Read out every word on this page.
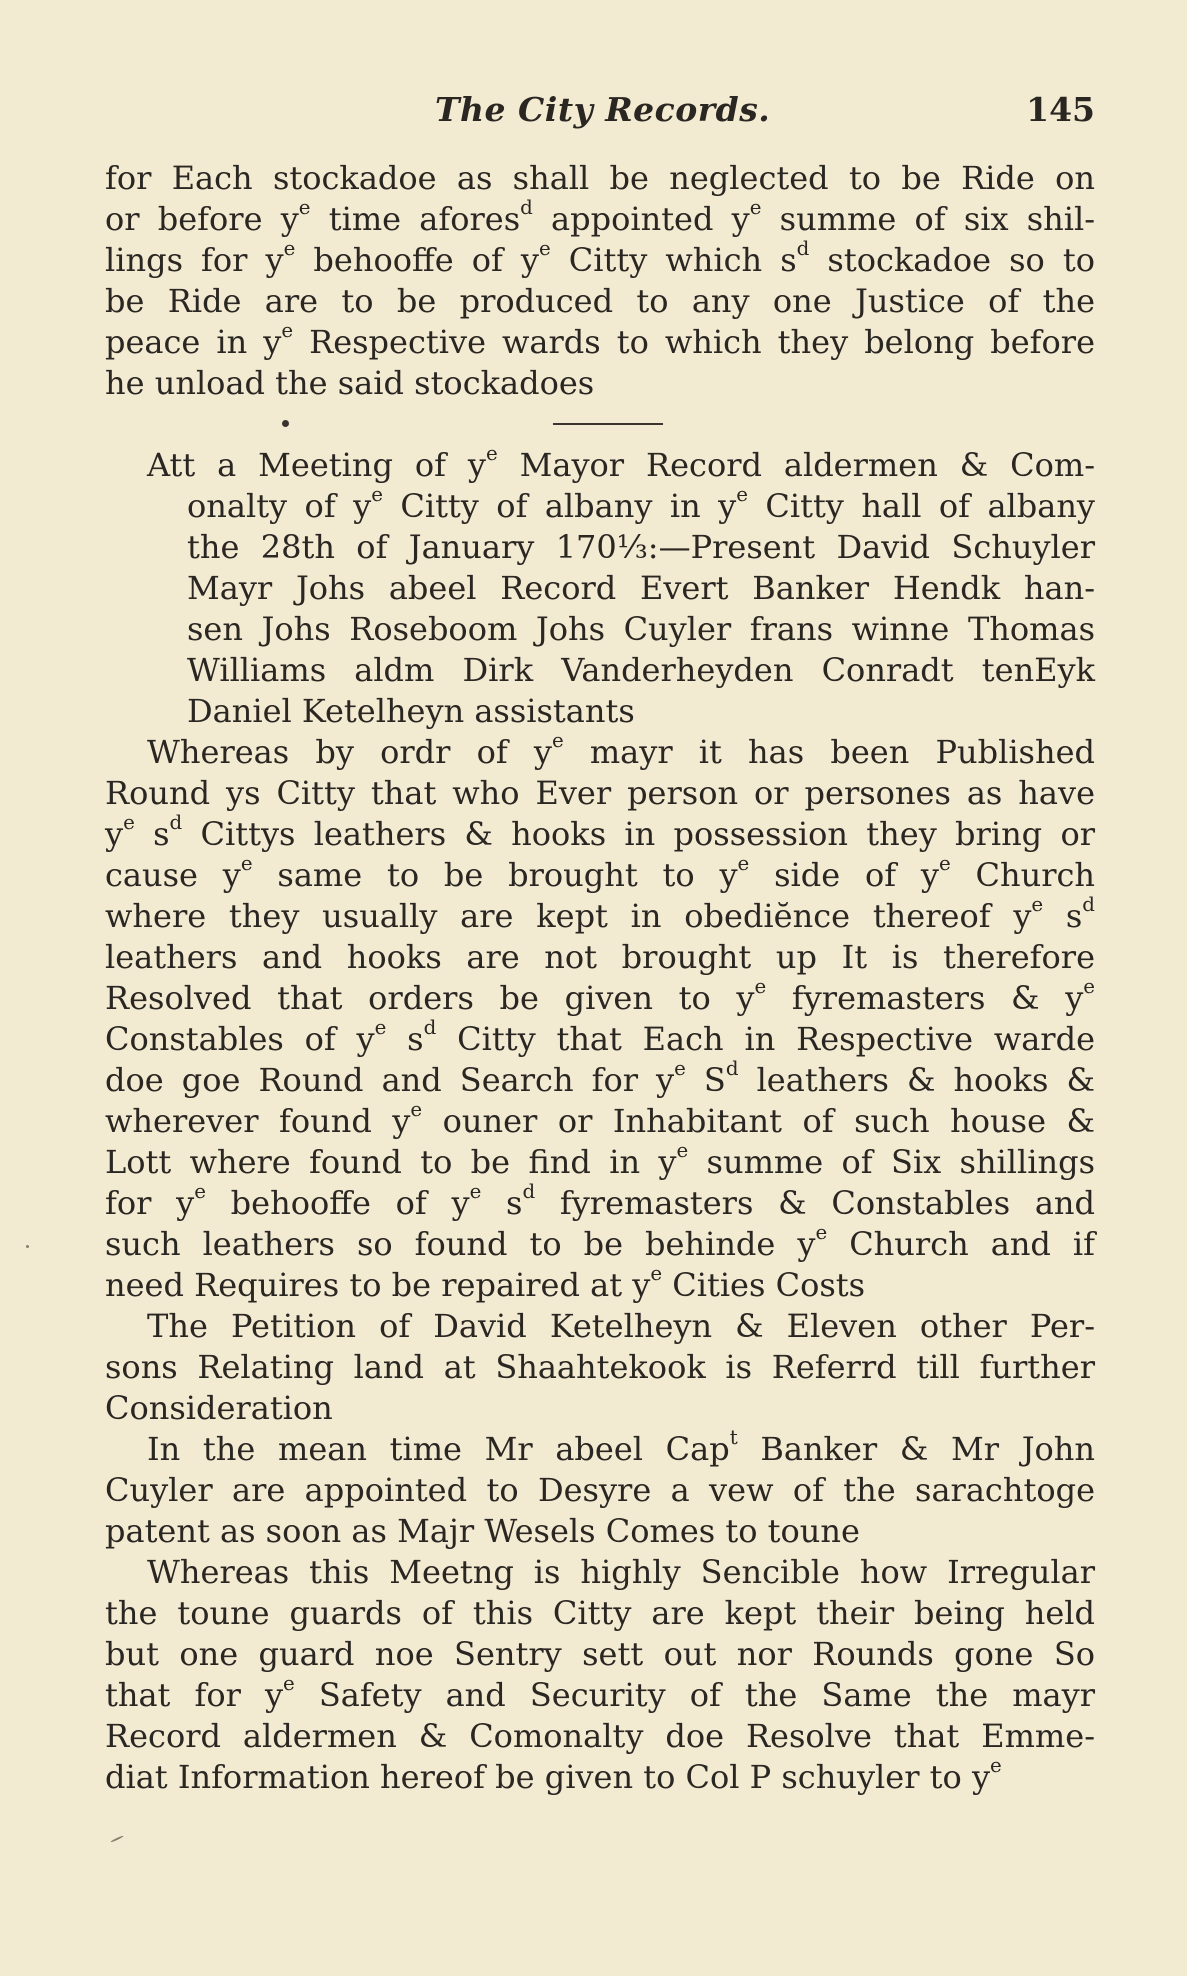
The City Records.	145
for Each stockadoe as shall be neglected to be Ride on
or before $y^e$ time afores$^d$ appointed $y^e$ summe of six shil-
lings for $y^e$ behooffe of $y^e$ Citty which $s^d$ stockadoe so to
be Ride are to be produced to any one Justice of the
peace in $y^e$ Respective wards to which they belong before
he unload the said stockadoes
Att a Meeting of $y^e$ Mayor Record aldermen & Com-
onalty of $y^e$ Citty of albany in $y^e$ Citty hall of albany
the 28th of January 170⅓:—Present David Schuyler
Mayr Johs abeel Record Evert Banker Hendk han-
sen Johs Roseboom Johs Cuyler frans winne Thomas
Williams aldm Dirk Vanderheyden Conradt tenEyk
Daniel Ketelheyn assistants
Whereas by ordr of $y^e$ mayr it has been Published
Round ys Citty that who Ever person or persones as have
$y^e$ $s^d$ Cittys leathers & hooks in possession they bring or
cause $y^e$ same to be brought to $y^e$ side of $y^e$ Church
where they usually are kept in obediĕnce thereof $y^e$ $s^d$
leathers and hooks are not brought up It is therefore
Resolved that orders be given to $y^e$ fyremasters & $y^e$
Constables of $y^e$ $s^d$ Citty that Each in Respective warde
doe goe Round and Search for $y^e$ $S^d$ leathers & hooks &
wherever found $y^e$ ouner or Inhabitant of such house &
Lott where found to be find in $y^e$ summe of Six shillings
for $y^e$ behooffe of $y^e$ $s^d$ fyremasters & Constables and
such leathers so found to be behinde $y^e$ Church and if
need Requires to be repaired at $y^e$ Cities Costs
The Petition of David Ketelheyn & Eleven other Per-
sons Relating land at Shaahtekook is Referrd till further
Consideration
In the mean time Mr abeel Cap$^t$ Banker & Mr John
Cuyler are appointed to Desyre a vew of the sarachtoge
patent as soon as Majr Wesels Comes to toune
Whereas this Meetng is highly Sencible how Irregular
the toune guards of this Citty are kept their being held
but one guard noe Sentry sett out nor Rounds gone So
that for $y^e$ Safety and Security of the Same the mayr
Record aldermen & Comonalty doe Resolve that Emme-
diat Information hereof be given to Col P schuyler to $y^e$
